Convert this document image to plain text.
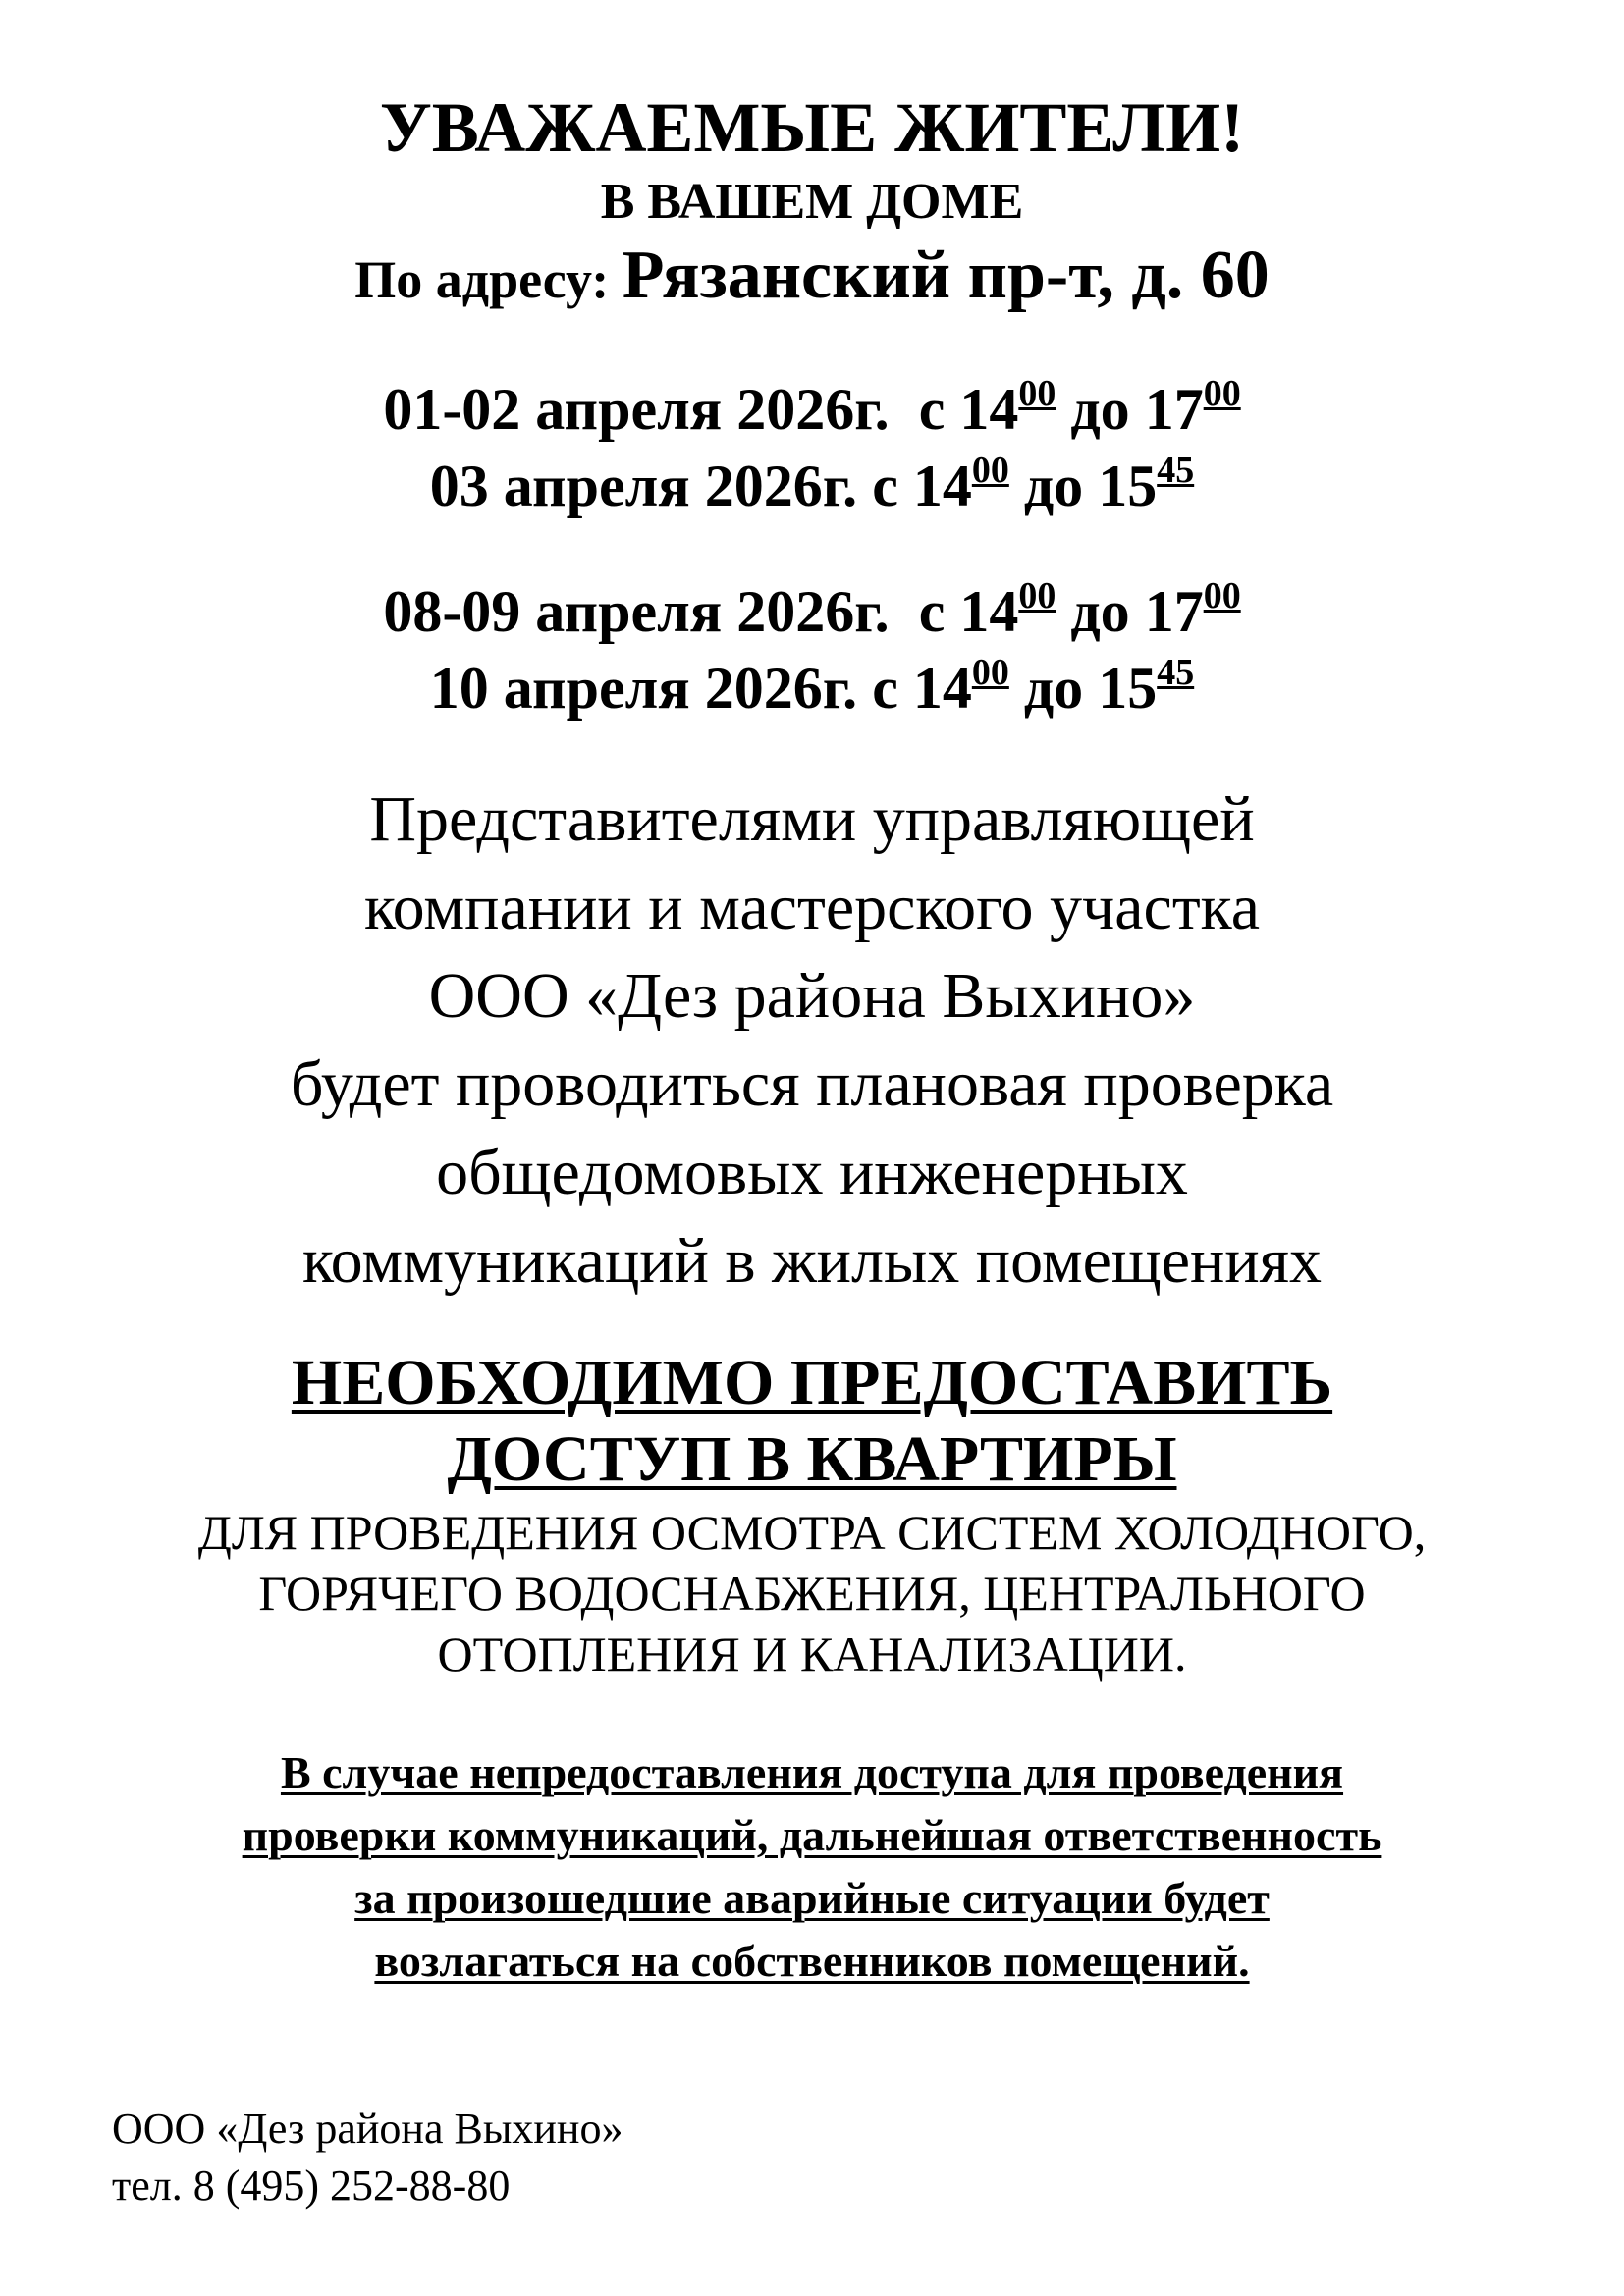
УВАЖАЕМЫЕ ЖИТЕЛИ!
В ВАШЕМ ДОМЕ
По адресу: Рязанский пр-т, д. 60
01-02 апреля 2026г. с $14^{00}$ до $17^{00}$
03 апреля 2026г. с $14^{00}$ до $15^{45}$
08-09 апреля 2026г. с $14^{00}$ до $17^{00}$
10 апреля 2026г. с $14^{00}$ до $15^{45}$
Представителями управляющей
компании и мастерского участка
ООО «Дез района Выхино»
будет проводиться плановая проверка
общедомовых инженерных
коммуникаций в жилых помещениях
НЕОБХОДИМО ПРЕДОСТАВИТЬ
ДОСТУП В КВАРТИРЫ
ДЛЯ ПРОВЕДЕНИЯ ОСМОТРА СИСТЕМ ХОЛОДНОГО,
ГОРЯЧЕГО ВОДОСНАБЖЕНИЯ, ЦЕНТРАЛЬНОГО
ОТОПЛЕНИЯ И КАНАЛИЗАЦИИ.
В случае непредоставления доступа для проведения
проверки коммуникаций, дальнейшая ответственность
за произошедшие аварийные ситуации будет
возлагаться на собственников помещений.
ООО «Дез района Выхино»
тел. 8 (495) 252-88-80
